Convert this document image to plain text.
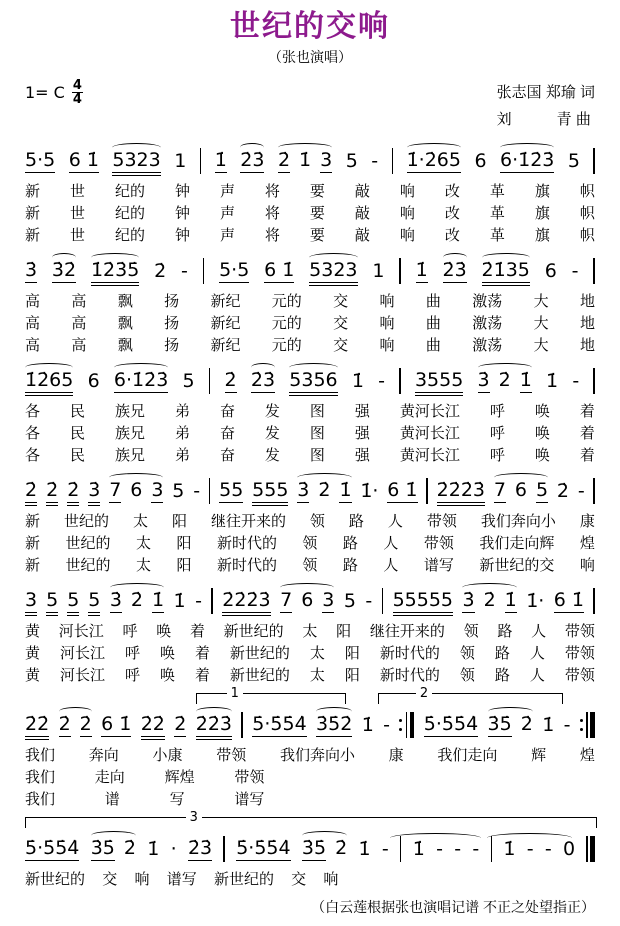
世纪的交响
（张也演唱）
1= C 4
4	张志国 郑瑜 词
刘　　　青 曲
5·5 6 1̇ 5323 1 1̇ 2̇3̇ 2̇ 1̇ 3 5 - 1̇·2̇65 6 6·1̇2̇3̇ 5
新 世 纪的 钟 声 将 要 敲 响 改 革 旗 帜
新 世 纪的 钟 声 将 要 敲 响 改 革 旗 帜
新 世 纪的 钟 声 将 要 敲 响 改 革 旗 帜
3̇ 3̇2̇ 1̇2̇3̇5̇ 2̇ - 5·5 6 1̇ 5323 1 1̇ 2̇3̇ 2̇1̇35 6 -
高 高 飘 扬 新纪 元的 交 响 曲 激荡 大 地
高 高 飘 扬 新纪 元的 交 响 曲 激荡 大 地
高 高 飘 扬 新纪 元的 交 响 曲 激荡 大 地
1̇2̇65 6 6·1̇2̇3̇ 5 2̇ 2̇3̇ 5356 1̇ - 3555 3̇ 2̇ 1̇ 1̇ -
各 民 族兄 弟 奋 发 图 强 黄河长江 呼 唤 着
各 民 族兄 弟 奋 发 图 强 黄河长江 呼 唤 着
各 民 族兄 弟 奋 发 图 强 黄河长江 呼 唤 着
2̇ 2̇ 2̇ 3̇ 7 6 3 5 - 55 555 3̇ 2̇ 1̇ 1̇· 6 1̇ 2̇2̇2̇3̇ 7 6 5 2̇ -
新 世纪的 太 阳 继往开来的 领 路 人 带领 我们奔向小 康
新 世纪的 太 阳 新时代的 领 路 人 带领 我们走向辉 煌
新 世纪的 太 阳 新时代的 领 路 人 谱写 新世纪的交 响
3 5 5 5 3̇ 2̇ 1̇ 1̇ - 2̇2̇2̇3̇ 7 6 3 5 - 55555 3̇ 2̇ 1̇ 1̇· 6 1̇
黄 河长江 呼 唤 着 新世纪的 太 阳 继往开来的 领 路 人 带领
黄 河长江 呼 唤 着 新世纪的 太 阳 新时代的 领 路 人 带领
黄 河长江 呼 唤 着 新世纪的 太 阳 新时代的 领 路 人 带领
1	2
2̇2̇ 2̇ 2̇ 6 1̇ 2̇2̇ 2̇ 2̇2̇3̇ 5̇·5̇5̇4̇ 3̇5̇2̇ 1̇ - 5̇·5̇5̇4̇ 3̇5̇ 2̇ 1̇ -
我们 奔向 小康 带领 我们奔向小 康 我们走向 辉 煌
我们	走向	辉煌	带领
我们	谱	写	谱写
3
5̇·5̇5̇4̇ 3̇5̇ 2̇ 1̇ · 2̇3̇ 5̇·5̇5̇4̇ 3̇5̇ 2̇ 1̇ - 1̇ - - - 1̇ - - 0
新世纪的 交 响 谱写 新世纪的 交 响
（白云莲根据张也演唱记谱 不正之处望指正）
